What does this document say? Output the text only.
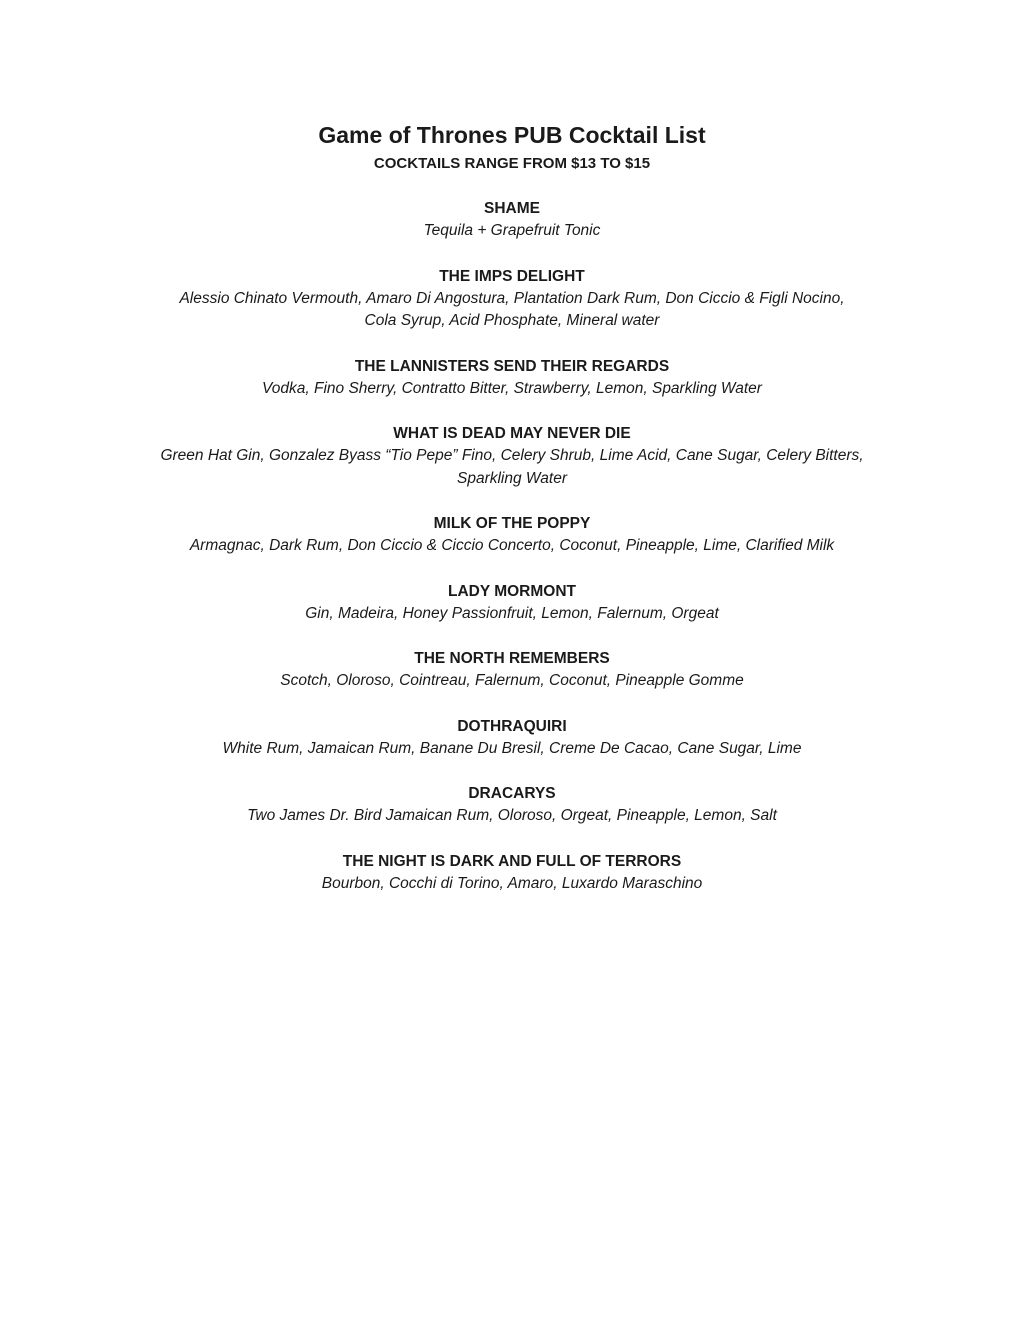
Game of Thrones PUB Cocktail List
COCKTAILS RANGE FROM $13 TO $15
SHAME
Tequila + Grapefruit Tonic
THE IMPS DELIGHT
Alessio Chinato Vermouth, Amaro Di Angostura, Plantation Dark Rum, Don Ciccio & Figli Nocino,
Cola Syrup, Acid Phosphate, Mineral water
THE LANNISTERS SEND THEIR REGARDS
Vodka, Fino Sherry, Contratto Bitter, Strawberry, Lemon, Sparkling Water
WHAT IS DEAD MAY NEVER DIE
Green Hat Gin, Gonzalez Byass “Tio Pepe” Fino, Celery Shrub, Lime Acid, Cane Sugar, Celery Bitters,
Sparkling Water
MILK OF THE POPPY
Armagnac, Dark Rum, Don Ciccio & Ciccio Concerto, Coconut, Pineapple, Lime, Clarified Milk
LADY MORMONT
Gin, Madeira, Honey Passionfruit, Lemon, Falernum, Orgeat
THE NORTH REMEMBERS
Scotch, Oloroso, Cointreau, Falernum, Coconut, Pineapple Gomme
DOTHRAQUIRI
White Rum, Jamaican Rum, Banane Du Bresil, Creme De Cacao, Cane Sugar, Lime
DRACARYS
Two James Dr. Bird Jamaican Rum, Oloroso, Orgeat, Pineapple, Lemon, Salt
THE NIGHT IS DARK AND FULL OF TERRORS
Bourbon, Cocchi di Torino, Amaro, Luxardo Maraschino
